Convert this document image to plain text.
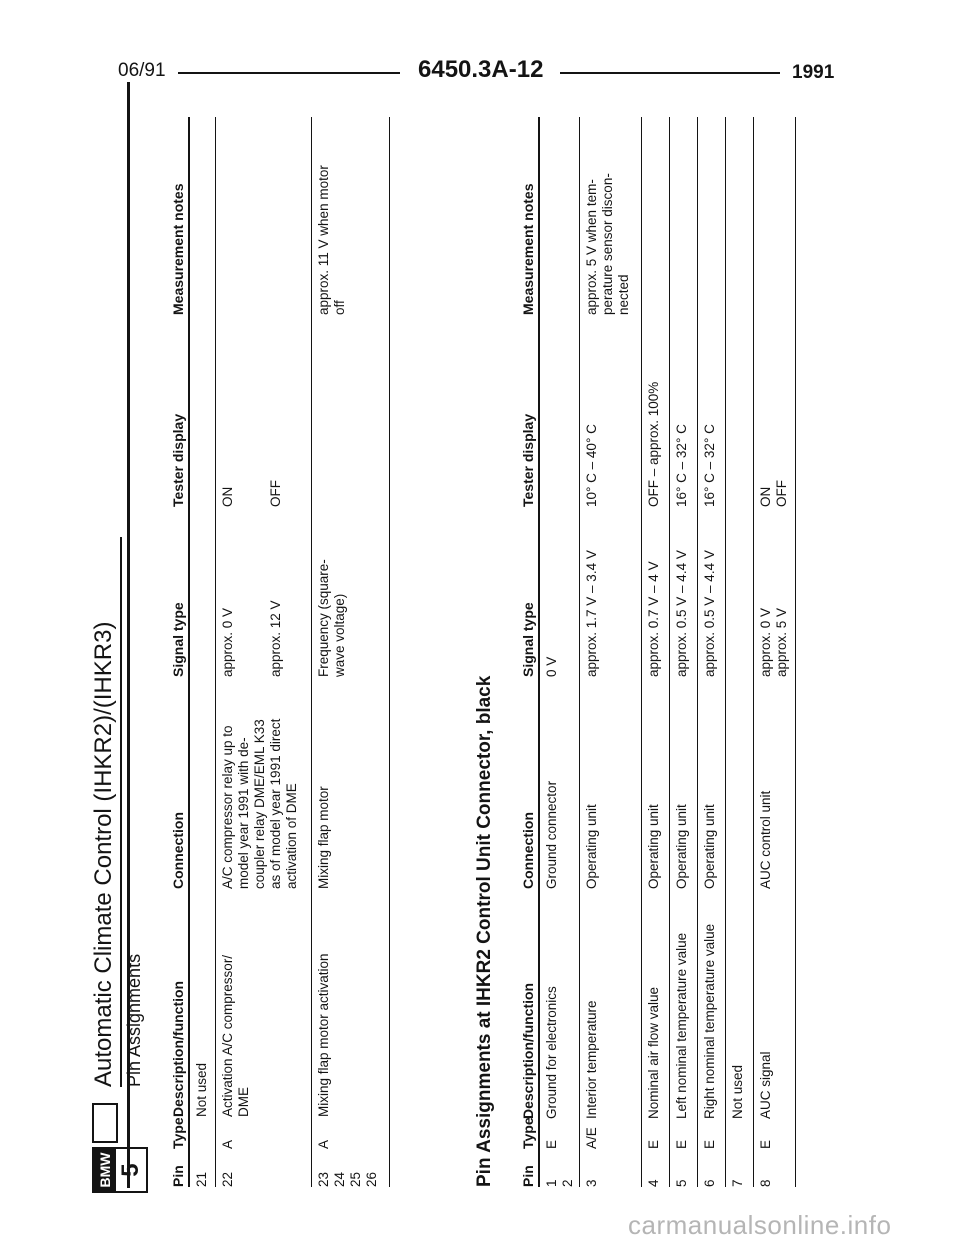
06/91	6450.3A-12	1991
BMW 5
Automatic Climate Control (IHKR2)/(IHKR3) Pin Assignments
Pin
Type
Description/function
Connection
Signal type
Tester display
Measurement notes
21
Not used
22
A
Activation A/C compressor/
DME
A/C compressor relay up to
model year 1991 with de-
coupler relay DME/EML K33
as of model year 1991 direct
activation of DME
approx. 0 V

approx. 12 V
ON

OFF
23
24
25
26
A
Mixing flap motor activation
Mixing flap motor
Frequency (square-
wave voltage)
approx. 11 V when motor
off
Pin Assignments at IHKR2 Control Unit Connector, black Pin
Type
Description/function
Connection
Signal type
Tester display
Measurement notes
1
2
E
Ground for electronics
Ground connector
0 V
3
A/E
Interior temperature
Operating unit
approx. 1.7 V – 3.4 V
10° C – 40° C
approx. 5 V when tem-
perature sensor discon-
nected
4
E
Nominal air flow value
Operating unit
approx. 0.7 V – 4 V
OFF – approx. 100%
5
E
Left nominal temperature value
Operating unit
approx. 0.5 V – 4.4 V
16° C – 32° C
6
E
Right nominal temperature value
Operating unit
approx. 0.5 V – 4.4 V
16° C – 32° C
7
Not used
8
E
AUC signal
AUC control unit
approx. 0 V
approx. 5 V
ON
OFF
carmanualsonline.info
